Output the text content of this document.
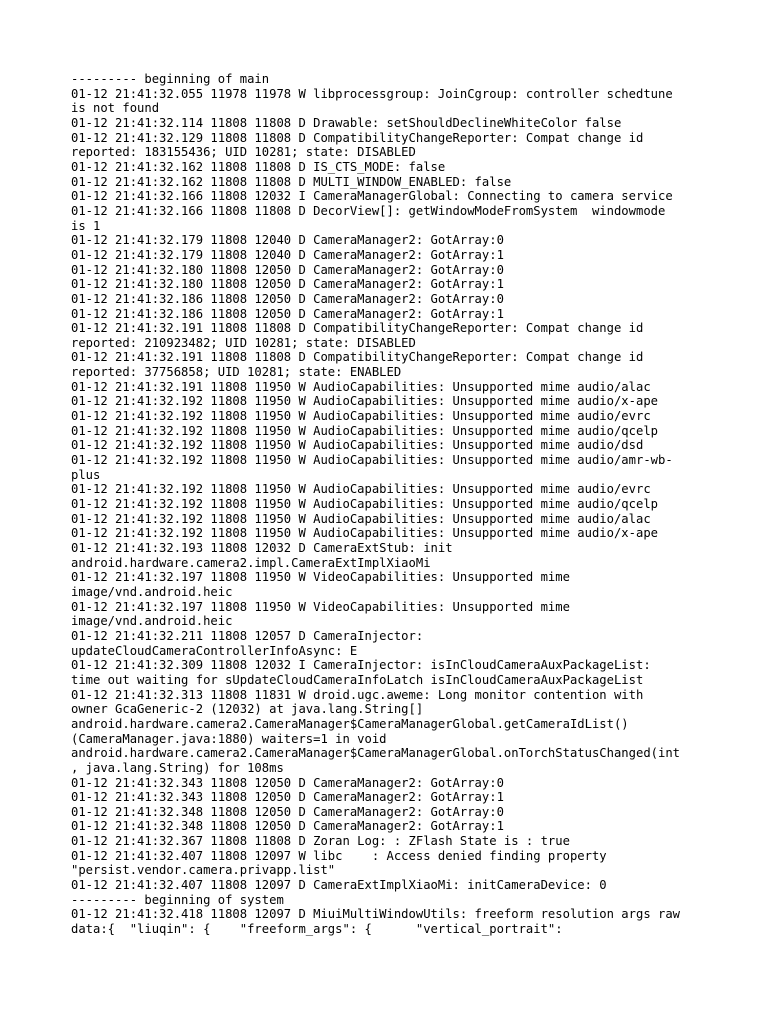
--------- beginning of main
01-12 21:41:32.055 11978 11978 W libprocessgroup: JoinCgroup: controller schedtune
is not found
01-12 21:41:32.114 11808 11808 D Drawable: setShouldDeclineWhiteColor false
01-12 21:41:32.129 11808 11808 D CompatibilityChangeReporter: Compat change id
reported: 183155436; UID 10281; state: DISABLED
01-12 21:41:32.162 11808 11808 D IS_CTS_MODE: false
01-12 21:41:32.162 11808 11808 D MULTI_WINDOW_ENABLED: false
01-12 21:41:32.166 11808 12032 I CameraManagerGlobal: Connecting to camera service
01-12 21:41:32.166 11808 11808 D DecorView[]: getWindowModeFromSystem  windowmode
is 1
01-12 21:41:32.179 11808 12040 D CameraManager2: GotArray:0
01-12 21:41:32.179 11808 12040 D CameraManager2: GotArray:1
01-12 21:41:32.180 11808 12050 D CameraManager2: GotArray:0
01-12 21:41:32.180 11808 12050 D CameraManager2: GotArray:1
01-12 21:41:32.186 11808 12050 D CameraManager2: GotArray:0
01-12 21:41:32.186 11808 12050 D CameraManager2: GotArray:1
01-12 21:41:32.191 11808 11808 D CompatibilityChangeReporter: Compat change id
reported: 210923482; UID 10281; state: DISABLED
01-12 21:41:32.191 11808 11808 D CompatibilityChangeReporter: Compat change id
reported: 37756858; UID 10281; state: ENABLED
01-12 21:41:32.191 11808 11950 W AudioCapabilities: Unsupported mime audio/alac
01-12 21:41:32.192 11808 11950 W AudioCapabilities: Unsupported mime audio/x-ape
01-12 21:41:32.192 11808 11950 W AudioCapabilities: Unsupported mime audio/evrc
01-12 21:41:32.192 11808 11950 W AudioCapabilities: Unsupported mime audio/qcelp
01-12 21:41:32.192 11808 11950 W AudioCapabilities: Unsupported mime audio/dsd
01-12 21:41:32.192 11808 11950 W AudioCapabilities: Unsupported mime audio/amr-wb-
plus
01-12 21:41:32.192 11808 11950 W AudioCapabilities: Unsupported mime audio/evrc
01-12 21:41:32.192 11808 11950 W AudioCapabilities: Unsupported mime audio/qcelp
01-12 21:41:32.192 11808 11950 W AudioCapabilities: Unsupported mime audio/alac
01-12 21:41:32.192 11808 11950 W AudioCapabilities: Unsupported mime audio/x-ape
01-12 21:41:32.193 11808 12032 D CameraExtStub: init
android.hardware.camera2.impl.CameraExtImplXiaoMi
01-12 21:41:32.197 11808 11950 W VideoCapabilities: Unsupported mime
image/vnd.android.heic
01-12 21:41:32.197 11808 11950 W VideoCapabilities: Unsupported mime
image/vnd.android.heic
01-12 21:41:32.211 11808 12057 D CameraInjector:
updateCloudCameraControllerInfoAsync: E
01-12 21:41:32.309 11808 12032 I CameraInjector: isInCloudCameraAuxPackageList:
time out waiting for sUpdateCloudCameraInfoLatch isInCloudCameraAuxPackageList
01-12 21:41:32.313 11808 11831 W droid.ugc.aweme: Long monitor contention with
owner GcaGeneric-2 (12032) at java.lang.String[]
android.hardware.camera2.CameraManager$CameraManagerGlobal.getCameraIdList()
(CameraManager.java:1880) waiters=1 in void
android.hardware.camera2.CameraManager$CameraManagerGlobal.onTorchStatusChanged(int
, java.lang.String) for 108ms
01-12 21:41:32.343 11808 12050 D CameraManager2: GotArray:0
01-12 21:41:32.343 11808 12050 D CameraManager2: GotArray:1
01-12 21:41:32.348 11808 12050 D CameraManager2: GotArray:0
01-12 21:41:32.348 11808 12050 D CameraManager2: GotArray:1
01-12 21:41:32.367 11808 11808 D Zoran Log: : ZFlash State is : true
01-12 21:41:32.407 11808 12097 W libc    : Access denied finding property
"persist.vendor.camera.privapp.list"
01-12 21:41:32.407 11808 12097 D CameraExtImplXiaoMi: initCameraDevice: 0
--------- beginning of system
01-12 21:41:32.418 11808 12097 D MiuiMultiWindowUtils: freeform resolution args raw
data:{  "liuqin": {    "freeform_args": {      "vertical_portrait":
